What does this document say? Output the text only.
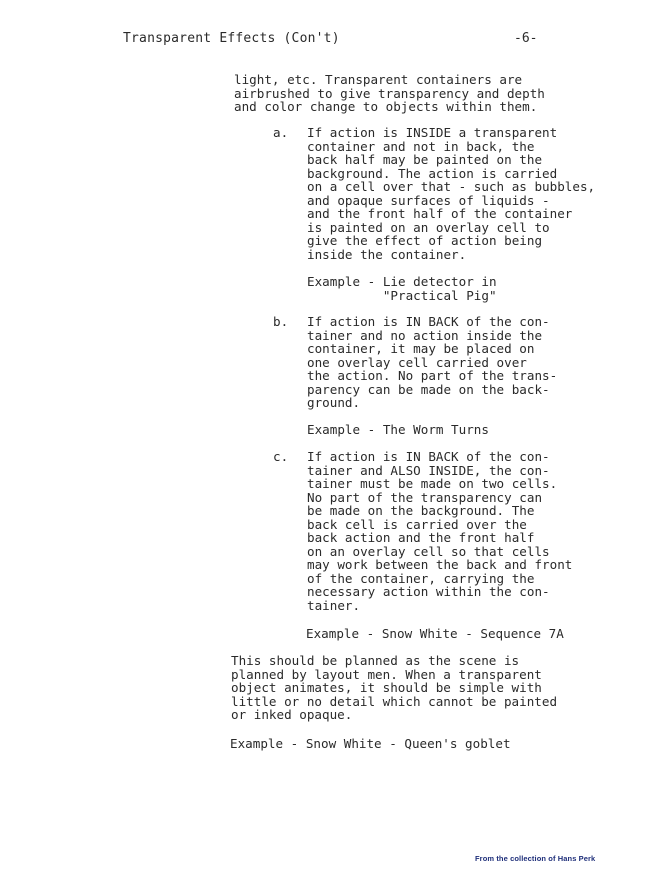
Transparent Effects (Con't)	-6-
light, etc. Transparent containers are
airbrushed to give transparency and depth
and color change to objects within them.
a. If action is INSIDE a transparent
container and not in back, the
back half may be painted on the
background. The action is carried
on a cell over that - such as bubbles,
and opaque surfaces of liquids -
and the front half of the container
is painted on an overlay cell to
give the effect of action being
inside the container.
Example - Lie detector in
"Practical Pig"
b. If action is IN BACK of the con-
tainer and no action inside the
container, it may be placed on
one overlay cell carried over
the action. No part of the trans-
parency can be made on the back-
ground.
Example - The Worm Turns
c. If action is IN BACK of the con-
tainer and ALSO INSIDE, the con-
tainer must be made on two cells.
No part of the transparency can
be made on the background. The
back cell is carried over the
back action and the front half
on an overlay cell so that cells
may work between the back and front
of the container, carrying the
necessary action within the con-
tainer.
Example - Snow White - Sequence 7A
This should be planned as the scene is
planned by layout men. When a transparent
object animates, it should be simple with
little or no detail which cannot be painted
or inked opaque.
Example - Snow White - Queen's goblet
From the collection of Hans Perk
